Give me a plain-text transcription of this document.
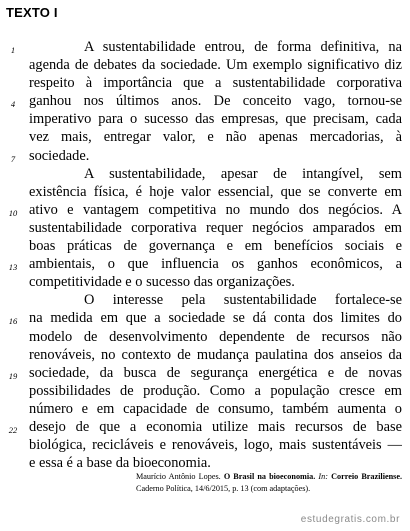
TEXTO I
1	A sustentabilidade entrou, de forma definitiva, na
agenda de debates da sociedade. Um exemplo significativo diz
respeito à importância que a sustentabilidade corporativa
4 ganhou nos últimos anos. De conceito vago, tornou-se
imperativo para o sucesso das empresas, que precisam, cada
vez mais, entregar valor, e não apenas mercadorias, à
7 sociedade.
A sustentabilidade, apesar de intangível, sem
existência física, é hoje valor essencial, que se converte em
10 ativo e vantagem competitiva no mundo dos negócios. A
sustentabilidade corporativa requer negócios amparados em
boas práticas de governança e em benefícios sociais e
13 ambientais, o que influencia os ganhos econômicos, a
competitividade e o sucesso das organizações.
O interesse pela sustentabilidade fortalece-se
16 na medida em que a sociedade se dá conta dos limites do
modelo de desenvolvimento dependente de recursos não
renováveis, no contexto de mudança paulatina dos anseios da
19 sociedade, da busca de segurança energética e de novas
possibilidades de produção. Como a população cresce em
número e em capacidade de consumo, também aumenta o
22 desejo de que a economia utilize mais recursos de base
biológica, recicláveis e renováveis, logo, mais sustentáveis —
e essa é a base da bioeconomia.
Maurício Antônio Lopes. O Brasil na bioeconomia. In: Correio Braziliense. Caderno Política, 14/6/2015, p. 13 (com adaptações).
estudegratis.com.br
